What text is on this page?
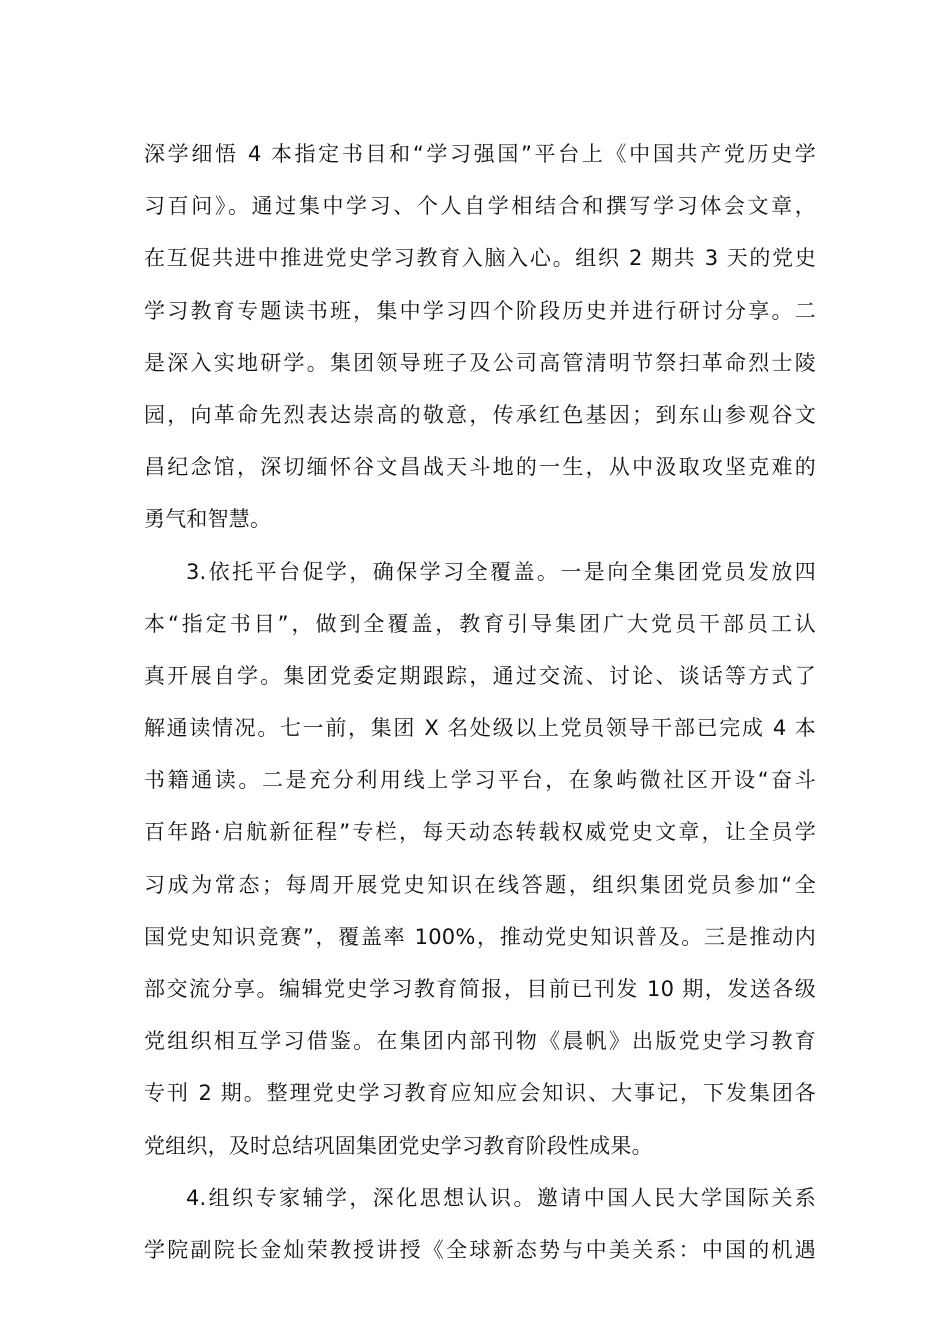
深学细悟 4 本指定书目和“学习强国”平台上《中国共产党历史学
习百问》。通过集中学习、个人自学相结合和撰写学习体会文章，
在互促共进中推进党史学习教育入脑入心。组织 2 期共 3 天的党史
学习教育专题读书班，集中学习四个阶段历史并进行研讨分享。二
是深入实地研学。集团领导班子及公司高管清明节祭扫革命烈士陵
园，向革命先烈表达崇高的敬意，传承红色基因；到东山参观谷文
昌纪念馆，深切缅怀谷文昌战天斗地的一生，从中汲取攻坚克难的
勇气和智慧。
3.依托平台促学，确保学习全覆盖。一是向全集团党员发放四
本“指定书目”，做到全覆盖，教育引导集团广大党员干部员工认
真开展自学。集团党委定期跟踪，通过交流、讨论、谈话等方式了
解通读情况。七一前，集团 X 名处级以上党员领导干部已完成 4 本
书籍通读。二是充分利用线上学习平台，在象屿微社区开设“奋斗
百年路·启航新征程”专栏，每天动态转载权威党史文章，让全员学
习成为常态；每周开展党史知识在线答题，组织集团党员参加“全
国党史知识竞赛”，覆盖率 100%，推动党史知识普及。三是推动内
部交流分享。编辑党史学习教育简报，目前已刊发 10 期，发送各级
党组织相互学习借鉴。在集团内部刊物《晨帆》出版党史学习教育
专刊 2 期。整理党史学习教育应知应会知识、大事记，下发集团各
党组织，及时总结巩固集团党史学习教育阶段性成果。
4.组织专家辅学，深化思想认识。邀请中国人民大学国际关系
学院副院长金灿荣教授讲授《全球新态势与中美关系：中国的机遇
